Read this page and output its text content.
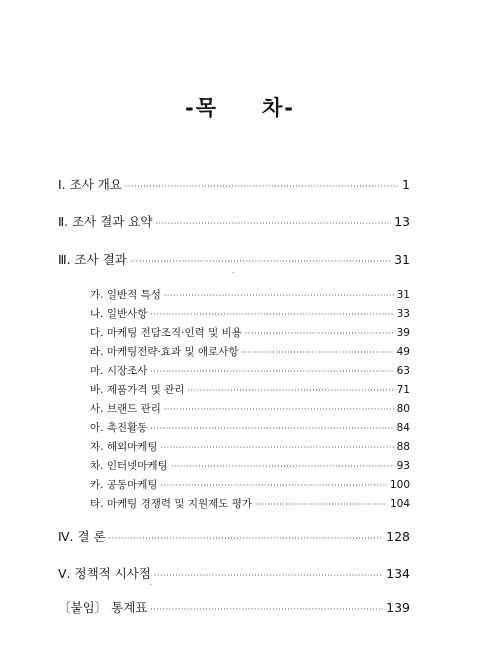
-목 차-
Ⅰ. 조사 개요 ·····	1
Ⅱ. 조사 결과 요약 ·····	13
Ⅲ. 조사 결과 ·····	31
가. 일반적 특성 ·····	31
나. 일반사항 ·····	33
다. 마케팅 전담조직·인력 및 비용 ·····	39
라. 마케팅전략·효과 및 애로사항 ·····	49
마. 시장조사 ·····	63
바. 제품가격 및 관리 ·····	71
사. 브랜드 관리 ·····	80
아. 촉진활동 ·····	84
자. 해외마케팅 ·····	88
차. 인터넷마케팅 ·····	93
카. 공동마케팅 ·····	100
타. 마케팅 경쟁력 및 지원제도 평가 ·····	104
Ⅳ. 결 론 ·····	128
Ⅴ. 정책적 시사점 ·····	134
〔붙임〕 통계표 ·····	139
